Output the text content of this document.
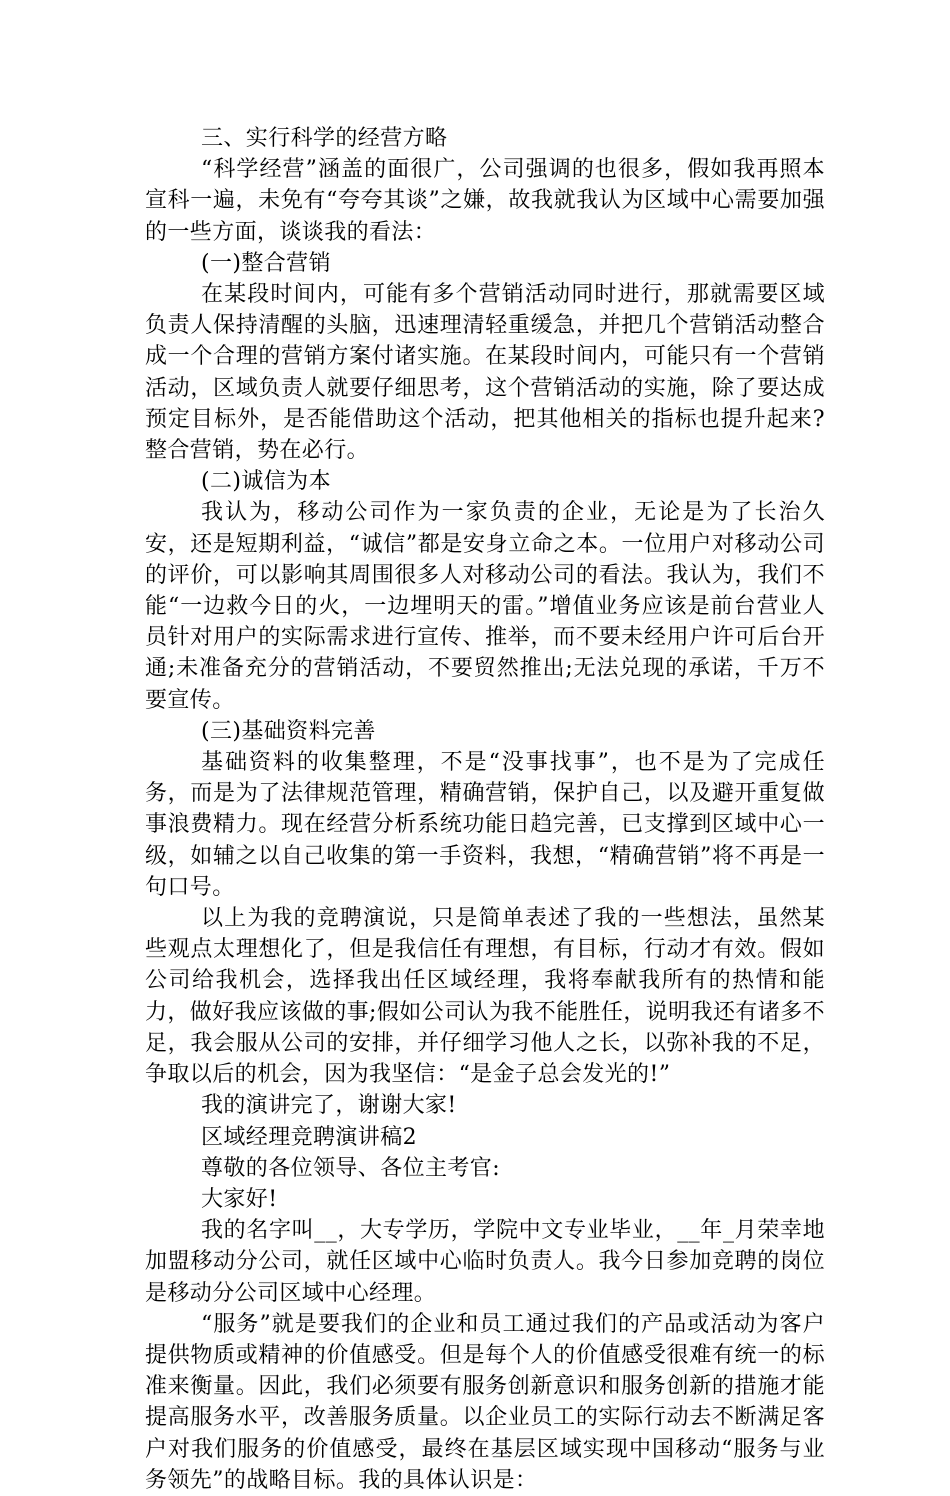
三、实行科学的经营方略

“科学经营”涵盖的面很广，公司强调的也很多，假如我再照本宣科一遍，未免有“夸夸其谈”之嫌，故我就我认为区域中心需要加强的一些方面，谈谈我的看法：

(一)整合营销

在某段时间内，可能有多个营销活动同时进行，那就需要区域负责人保持清醒的头脑，迅速理清轻重缓急，并把几个营销活动整合成一个合理的营销方案付诸实施。在某段时间内，可能只有一个营销活动，区域负责人就要仔细思考，这个营销活动的实施，除了要达成预定目标外，是否能借助这个活动，把其他相关的指标也提升起来?整合营销，势在必行。

(二)诚信为本

我认为，移动公司作为一家负责的企业，无论是为了长治久安，还是短期利益，“诚信”都是安身立命之本。一位用户对移动公司的评价，可以影响其周围很多人对移动公司的看法。我认为，我们不能“一边救今日的火，一边埋明天的雷。”增值业务应该是前台营业人员针对用户的实际需求进行宣传、推举，而不要未经用户许可后台开通;未准备充分的营销活动，不要贸然推出;无法兑现的承诺，千万不要宣传。

(三)基础资料完善

基础资料的收集整理，不是“没事找事”，也不是为了完成任务，而是为了法律规范管理，精确营销，保护自己，以及避开重复做事浪费精力。现在经营分析系统功能日趋完善，已支撑到区域中心一级，如辅之以自己收集的第一手资料，我想，“精确营销”将不再是一句口号。

以上为我的竞聘演说，只是简单表述了我的一些想法，虽然某些观点太理想化了，但是我信任有理想，有目标，行动才有效。假如公司给我机会，选择我出任区域经理，我将奉献我所有的热情和能力，做好我应该做的事;假如公司认为我不能胜任，说明我还有诸多不足，我会服从公司的安排，并仔细学习他人之长，以弥补我的不足，争取以后的机会，因为我坚信：“是金子总会发光的!”

我的演讲完了，谢谢大家!

区域经理竞聘演讲稿2

尊敬的各位领导、各位主考官:

大家好!

我的名字叫__，大专学历，学院中文专业毕业，__年_月荣幸地加盟移动分公司，就任区域中心临时负责人。我今日参加竞聘的岗位是移动分公司区域中心经理。

“服务”就是要我们的企业和员工通过我们的产品或活动为客户提供物质或精神的价值感受。但是每个人的价值感受很难有统一的标准来衡量。因此，我们必须要有服务创新意识和服务创新的措施才能提高服务水平，改善服务质量。以企业员工的实际行动去不断满足客户对我们服务的价值感受，最终在基层区域实现中国移动“服务与业务领先”的战略目标。我的具体认识是：
